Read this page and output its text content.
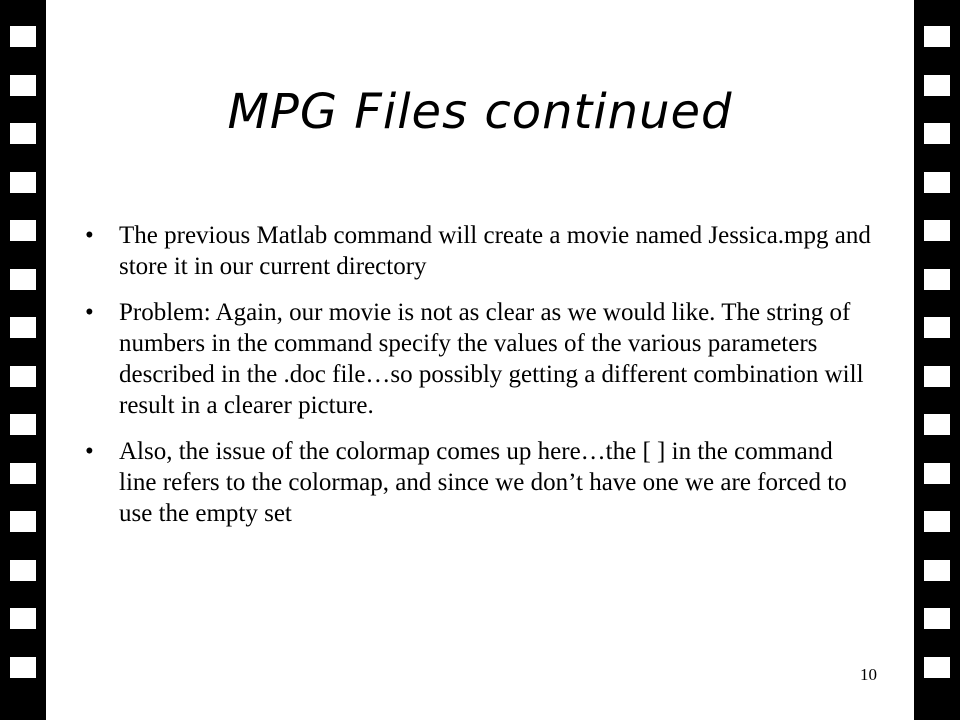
MPG Files continued
• The previous Matlab command will create a movie named Jessica.mpg and store it in our current directory
• Problem: Again, our movie is not as clear as we would like. The string of numbers in the command specify the values of the various parameters described in the .doc file…so possibly getting a different combination will result in a clearer picture.
• Also, the issue of the colormap comes up here…the [ ] in the command line refers to the colormap, and since we don’t have one we are forced to use the empty set
10
